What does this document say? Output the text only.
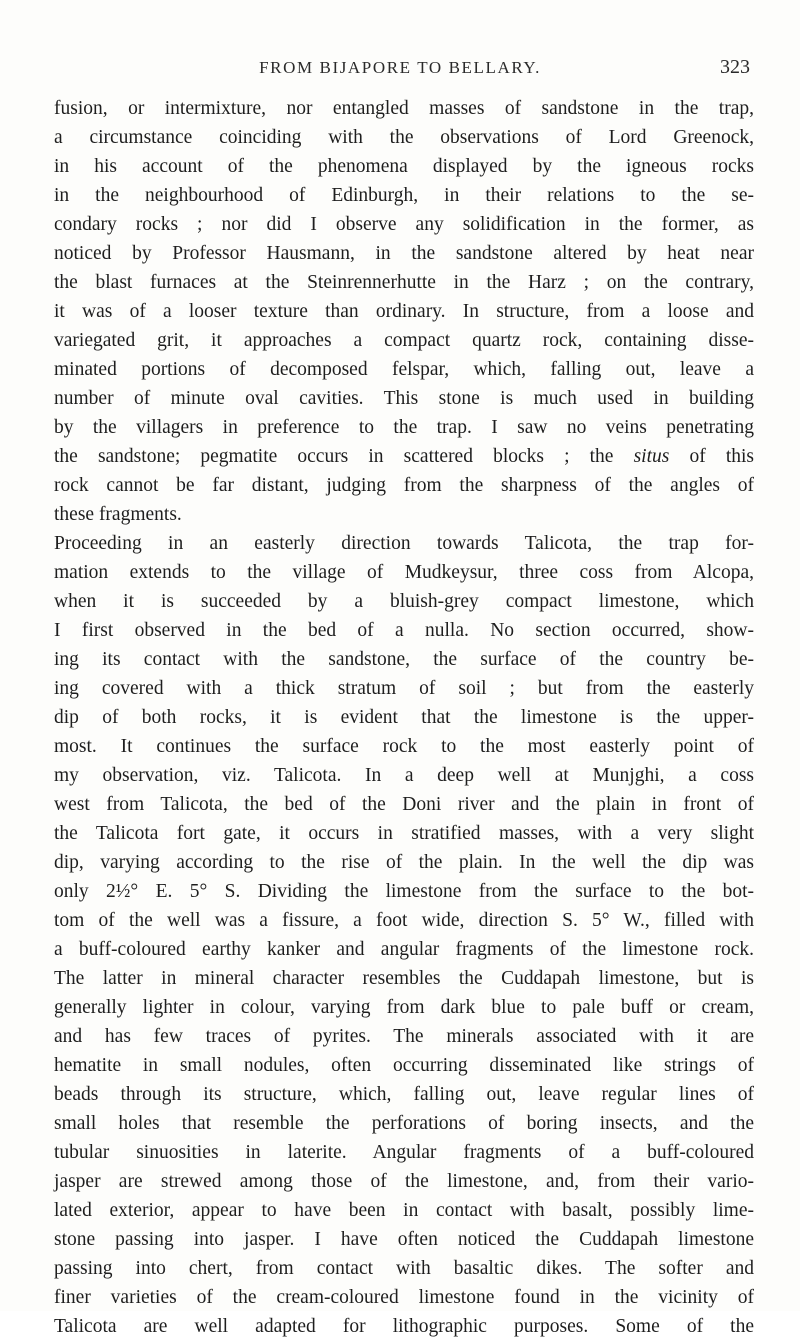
FROM BIJAPORE TO BELLARY.	323
fusion, or intermixture, nor entangled masses of sandstone in the trap,
a circumstance coinciding with the observations of Lord Greenock,
in his account of the phenomena displayed by the igneous rocks
in the neighbourhood of Edinburgh, in their relations to the se-
condary rocks ; nor did I observe any solidification in the former, as
noticed by Professor Hausmann, in the sandstone altered by heat near
the blast furnaces at the Steinrennerhutte in the Harz ; on the contrary,
it was of a looser texture than ordinary. In structure, from a loose and
variegated grit, it approaches a compact quartz rock, containing disse-
minated portions of decomposed felspar, which, falling out, leave a
number of minute oval cavities. This stone is much used in building
by the villagers in preference to the trap. I saw no veins penetrating
the sandstone; pegmatite occurs in scattered blocks ; the situs of this
rock cannot be far distant, judging from the sharpness of the angles of
these fragments.
Proceeding in an easterly direction towards Talicota, the trap for-
mation extends to the village of Mudkeysur, three coss from Alcopa,
when it is succeeded by a bluish-grey compact limestone, which
I first observed in the bed of a nulla. No section occurred, show-
ing its contact with the sandstone, the surface of the country be-
ing covered with a thick stratum of soil ; but from the easterly
dip of both rocks, it is evident that the limestone is the upper-
most. It continues the surface rock to the most easterly point of
my observation, viz. Talicota. In a deep well at Munjghi, a coss
west from Talicota, the bed of the Doni river and the plain in front of
the Talicota fort gate, it occurs in stratified masses, with a very slight
dip, varying according to the rise of the plain. In the well the dip was
only 2½° E. 5° S. Dividing the limestone from the surface to the bot-
tom of the well was a fissure, a foot wide, direction S. 5° W., filled with
a buff-coloured earthy kanker and angular fragments of the limestone rock.
The latter in mineral character resembles the Cuddapah limestone, but is
generally lighter in colour, varying from dark blue to pale buff or cream,
and has few traces of pyrites. The minerals associated with it are
hematite in small nodules, often occurring disseminated like strings of
beads through its structure, which, falling out, leave regular lines of
small holes that resemble the perforations of boring insects, and the
tubular sinuosities in laterite. Angular fragments of a buff-coloured
jasper are strewed among those of the limestone, and, from their vario-
lated exterior, appear to have been in contact with basalt, possibly lime-
stone passing into jasper. I have often noticed the Cuddapah limestone
passing into chert, from contact with basaltic dikes. The softer and
finer varieties of the cream-coloured limestone found in the vicinity of
Talicota are well adapted for lithographic purposes. Some of the
